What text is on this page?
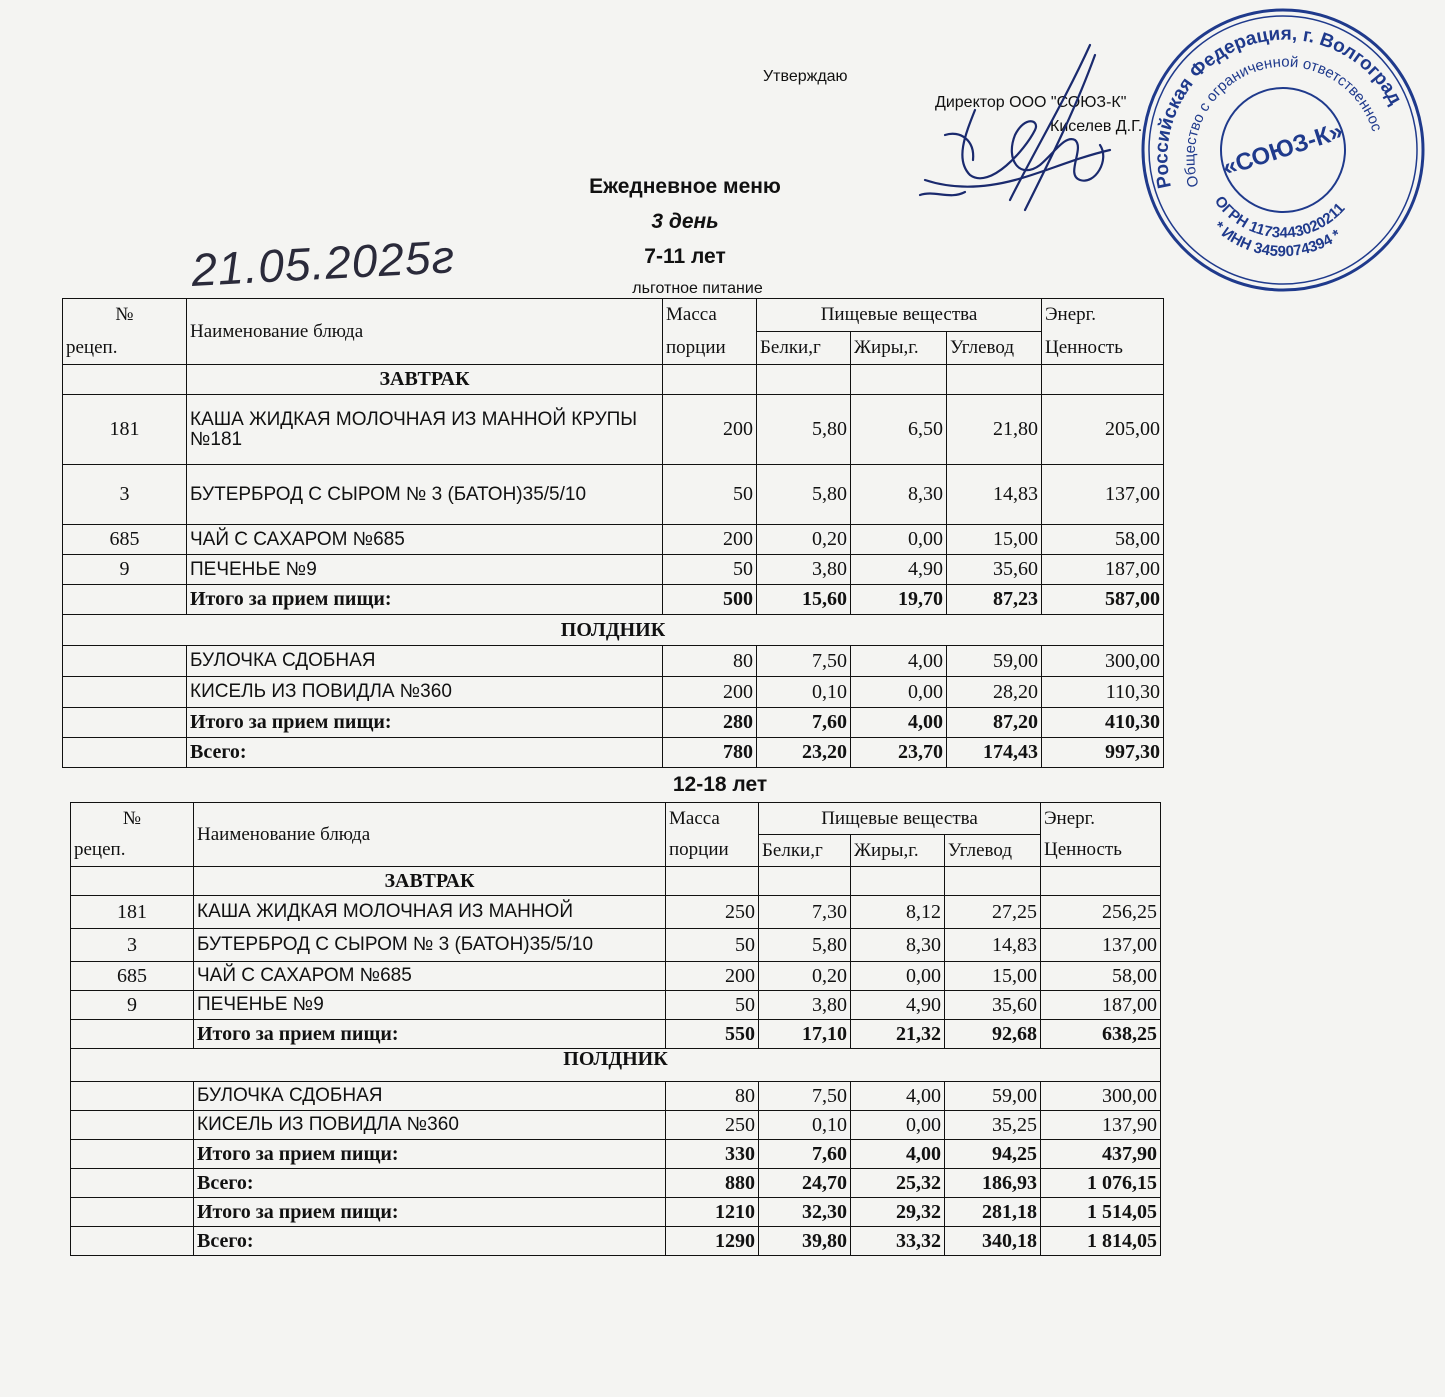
Утверждаю
Директор ООО "СОЮЗ-К"
Киселев Д.Г.
Ежедневное меню
3 день
7-11 лет
льготное питание
21.05.2025г
Российская Федерация, г. Волгоград
Общество с ограниченной ответственностью
* ИНН 3459074394 *
ОГРН 1173443020211
«СОЮЗ-К»
№	Наименование блюда	Масса	Пищевые вещества			Энерг.
рецеп.		порции	Белки,г	Жиры,г.	Углевод	Ценность
	ЗАВТРАК					
181	КАША ЖИДКАЯ МОЛОЧНАЯ ИЗ МАННОЙ КРУПЫ №181	200	5,80	6,50	21,80	205,00
3	БУТЕРБРОД С СЫРОМ № 3 (БАТОН)35/5/10	50	5,80	8,30	14,83	137,00
685	ЧАЙ С САХАРОМ №685	200	0,20	0,00	15,00	58,00
9	ПЕЧЕНЬЕ №9	50	3,80	4,90	35,60	187,00
	Итого за прием пищи:	500	15,60	19,70	87,23	587,00
ПОЛДНИК						
	БУЛОЧКА СДОБНАЯ	80	7,50	4,00	59,00	300,00
	КИСЕЛЬ ИЗ ПОВИДЛА №360	200	0,10	0,00	28,20	110,30
	Итого за прием пищи:	280	7,60	4,00	87,20	410,30
	Всего:	780	23,20	23,70	174,43	997,30
12-18 лет
№	Наименование блюда	Масса	Пищевые вещества			Энерг.
рецеп.		порции	Белки,г	Жиры,г.	Углевод	Ценность
	ЗАВТРАК					
181	КАША ЖИДКАЯ МОЛОЧНАЯ ИЗ МАННОЙ	250	7,30	8,12	27,25	256,25
3	БУТЕРБРОД С СЫРОМ № 3 (БАТОН)35/5/10	50	5,80	8,30	14,83	137,00
685	ЧАЙ С САХАРОМ №685	200	0,20	0,00	15,00	58,00
9	ПЕЧЕНЬЕ №9	50	3,80	4,90	35,60	187,00
	Итого за прием пищи:	550	17,10	21,32	92,68	638,25
ПОЛДНИК						
	БУЛОЧКА СДОБНАЯ	80	7,50	4,00	59,00	300,00
	КИСЕЛЬ ИЗ ПОВИДЛА №360	250	0,10	0,00	35,25	137,90
	Итого за прием пищи:	330	7,60	4,00	94,25	437,90
	Всего:	880	24,70	25,32	186,93	1 076,15
	Итого за прием пищи:	1210	32,30	29,32	281,18	1 514,05
	Всего:	1290	39,80	33,32	340,18	1 814,05
